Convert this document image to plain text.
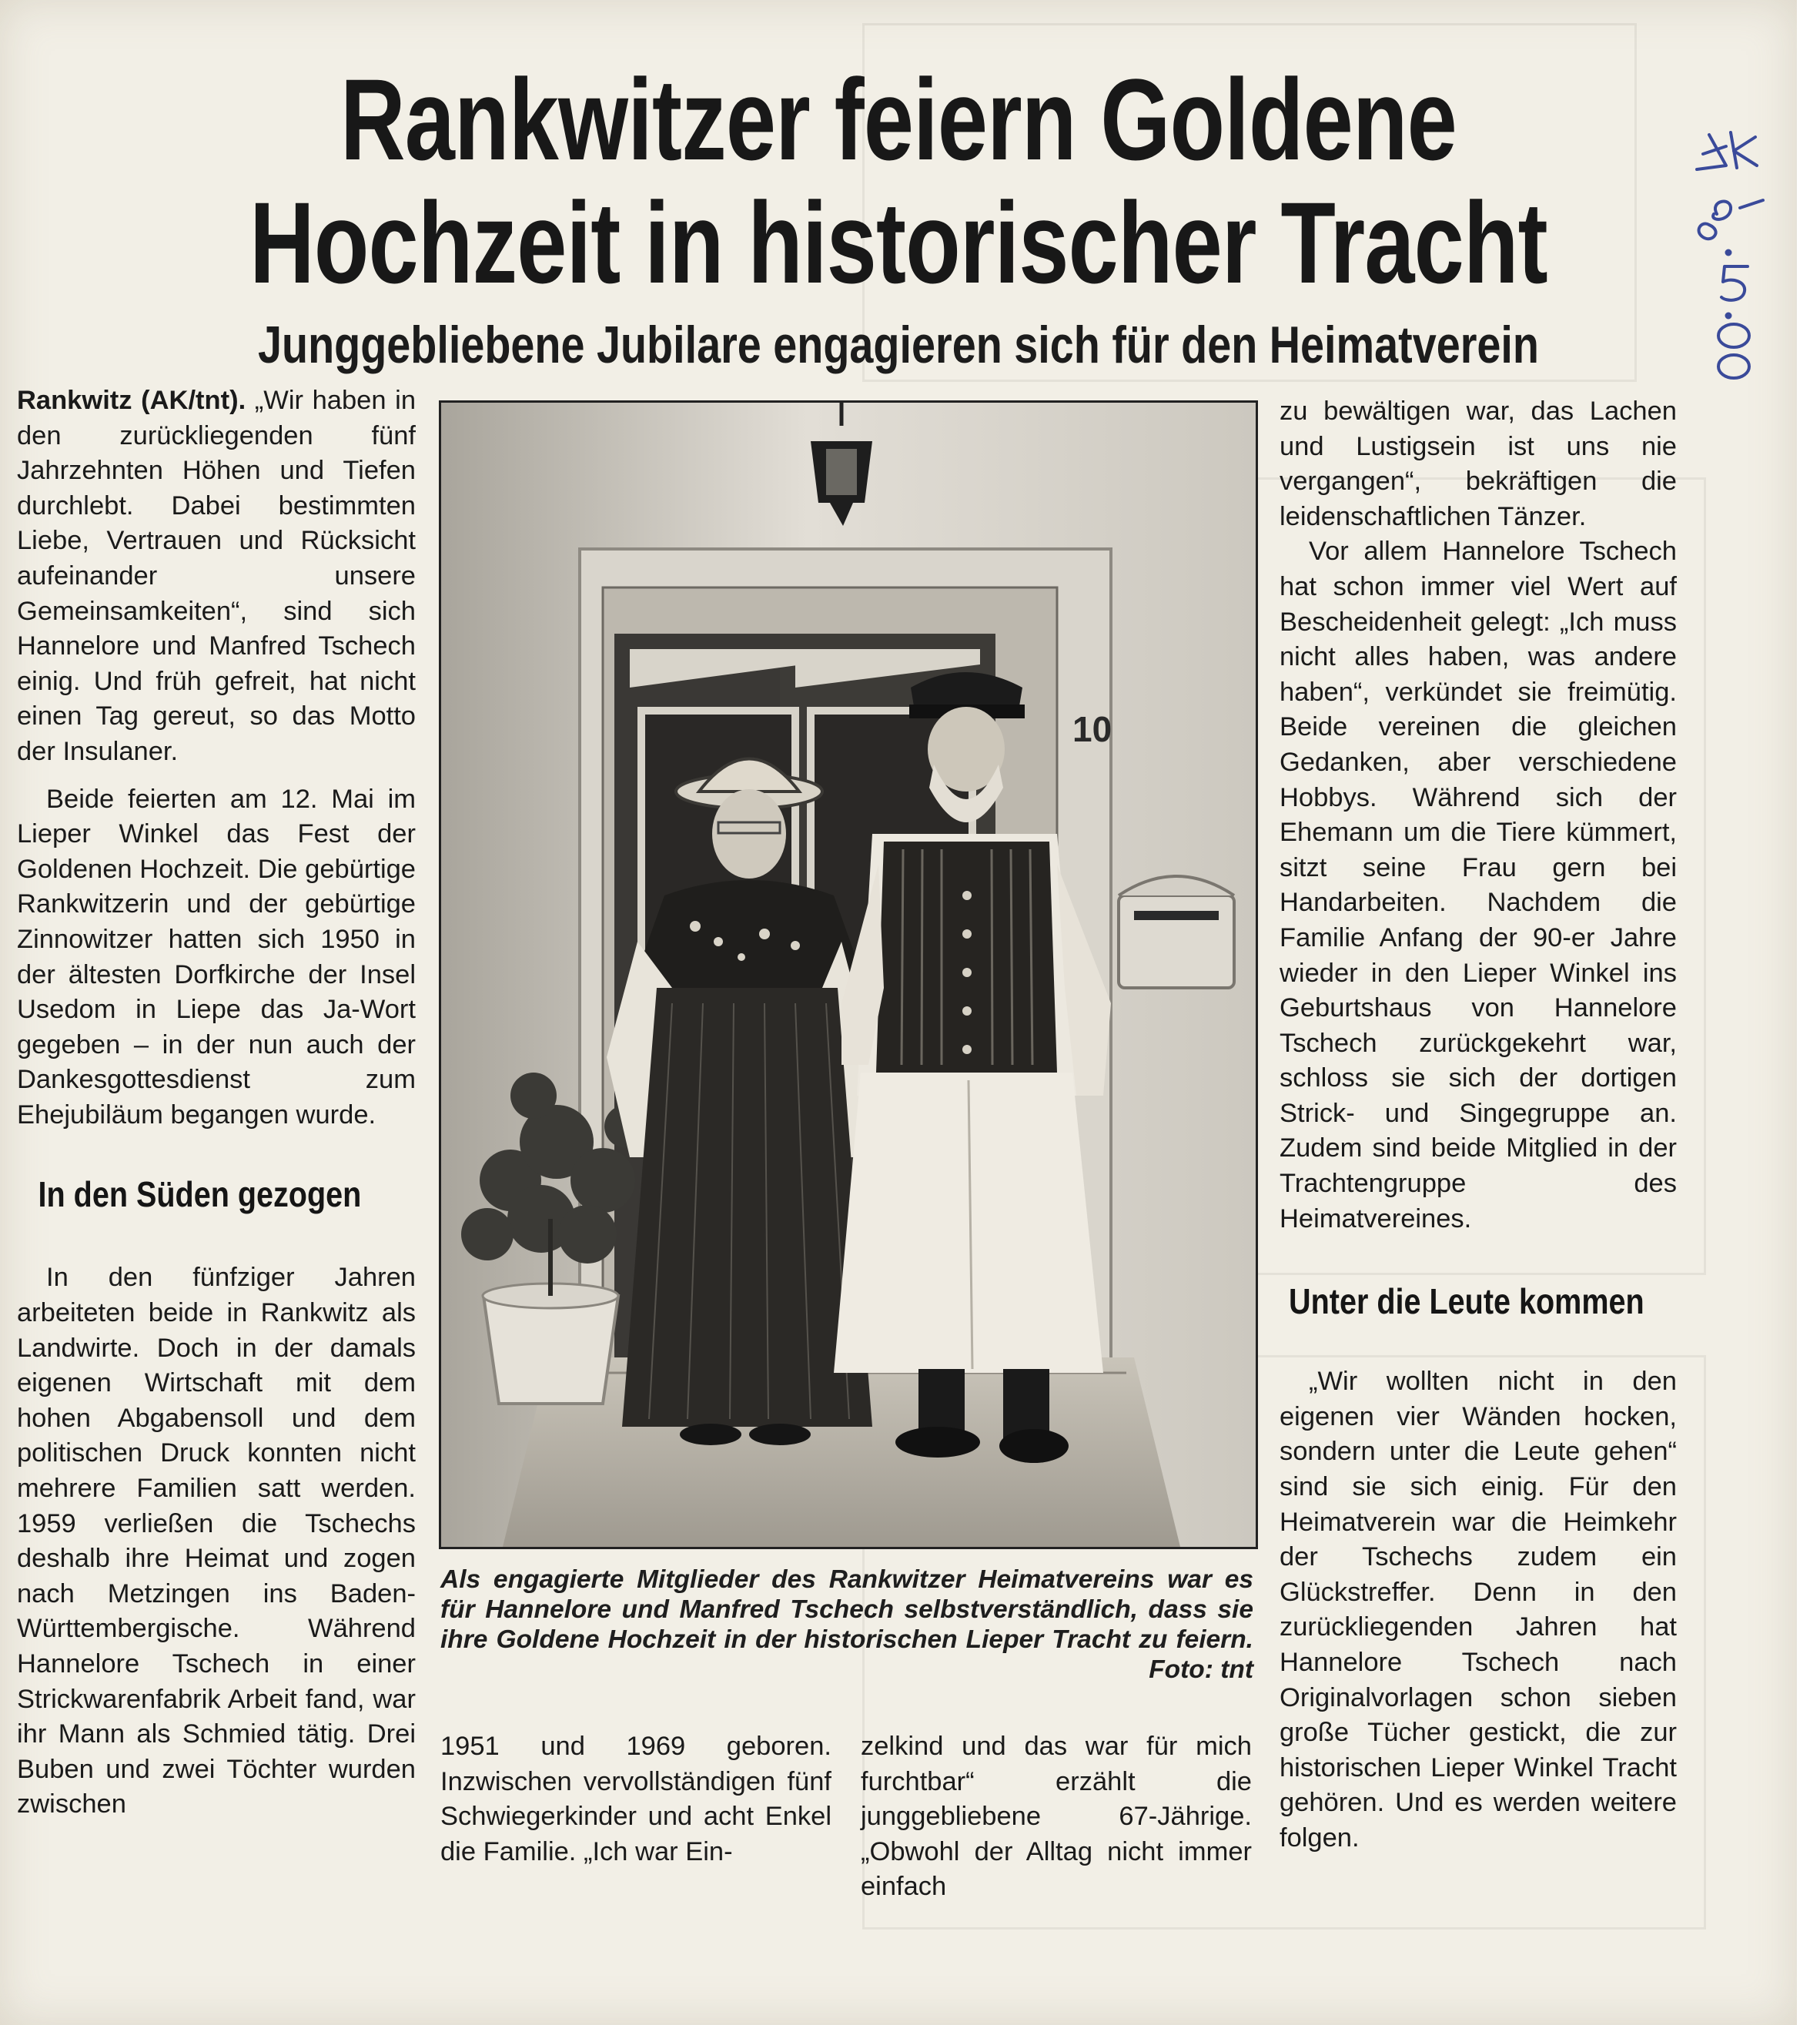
Rankwitzer feiern Goldene
Hochzeit in historischer Tracht
Junggebliebene Jubilare engagieren sich für den Heimatverein

Rankwitz (AK/tnt). „Wir haben in den zurückliegenden fünf Jahrzehnten Höhen und Tiefen durchlebt. Dabei bestimmten Liebe, Vertrauen und Rücksicht aufeinander unsere Gemeinsamkeiten“, sind sich Hannelore und Manfred Tschech einig. Und früh gefreit, hat nicht einen Tag gereut, so das Motto der Insulaner.

Beide feierten am 12. Mai im Lieper Winkel das Fest der Goldenen Hochzeit. Die gebürtige Rankwitzerin und der gebürtige Zinnowitzer hatten sich 1950 in der ältesten Dorfkirche der Insel Usedom in Liepe das Ja-Wort gegeben – in der nun auch der Dankesgottesdienst zum Ehejubiläum begangen wurde.

In den Süden gezogen

In den fünfziger Jahren arbeiteten beide in Rankwitz als Landwirte. Doch in der damals eigenen Wirtschaft mit dem hohen Abgabensoll und dem politischen Druck konnten nicht mehrere Familien satt werden. 1959 verließen die Tschechs deshalb ihre Heimat und zogen nach Metzingen ins Baden-Württembergische. Während Hannelore Tschech in einer Strickwarenfabrik Arbeit fand, war ihr Mann als Schmied tätig. Drei Buben und zwei Töchter wurden zwischen

10

Als engagierte Mitglieder des Rankwitzer Heimatvereins war es für Hannelore und Manfred Tschech selbstverständlich, dass sie ihre Goldene Hochzeit in der historischen Lieper Tracht zu feiern. Foto: tnt

1951 und 1969 geboren. Inzwischen vervollständigen fünf Schwiegerkinder und acht Enkel die Familie. „Ich war Ein-

zelkind und das war für mich furchtbar“ erzählt die junggebliebene 67-Jährige. „Obwohl der Alltag nicht immer einfach

zu bewältigen war, das Lachen und Lustigsein ist uns nie vergangen“, bekräftigen die leidenschaftlichen Tänzer.

Vor allem Hannelore Tschech hat schon immer viel Wert auf Bescheidenheit gelegt: „Ich muss nicht alles haben, was andere haben“, verkündet sie freimütig. Beide vereinen die gleichen Gedanken, aber verschiedene Hobbys. Während sich der Ehemann um die Tiere kümmert, sitzt seine Frau gern bei Handarbeiten. Nachdem die Familie Anfang der 90-er Jahre wieder in den Lieper Winkel ins Geburtshaus von Hannelore Tschech zurückgekehrt war, schloss sie sich der dortigen Strick- und Singegruppe an. Zudem sind beide Mitglied in der Trachtengruppe des Heimatvereines.

Unter die Leute kommen

„Wir wollten nicht in den eigenen vier Wänden hocken, sondern unter die Leute gehen“ sind sie sich einig. Für den Heimatverein war die Heimkehr der Tschechs zudem ein Glückstreffer. Denn in den zurückliegenden Jahren hat Hannelore Tschech nach Originalvorlagen schon sieben große Tücher gestickt, die zur historischen Lieper Winkel Tracht gehören. Und es werden weitere folgen.
